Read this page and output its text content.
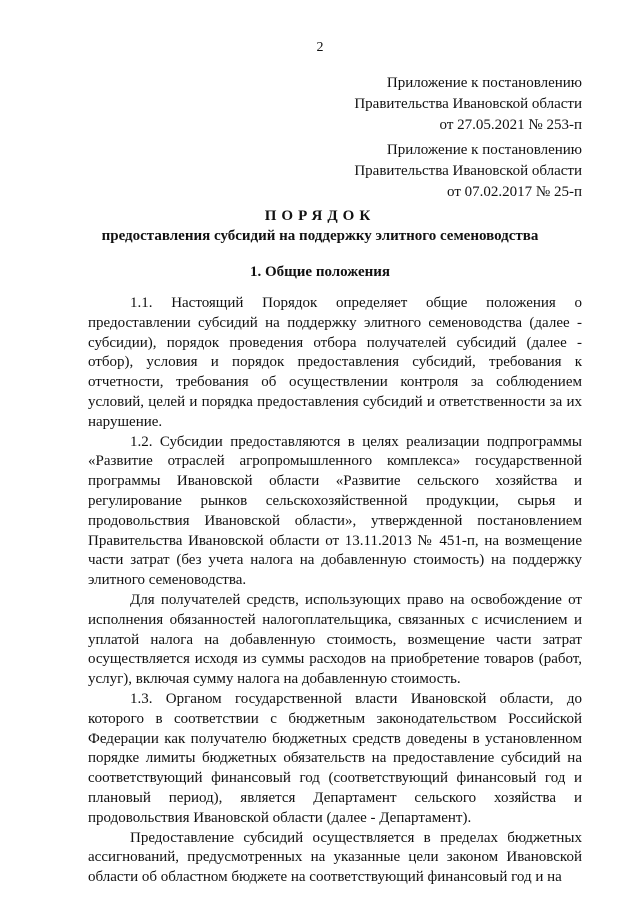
2
Приложение к постановлению
Правительства Ивановской области
от 27.05.2021 № 253-п
Приложение к постановлению
Правительства Ивановской области
от 07.02.2017 № 25-п
ПОРЯДОК
предоставления субсидий на поддержку элитного семеноводства
1. Общие положения

1.1. Настоящий Порядок определяет общие положения о предоставлении субсидий на поддержку элитного семеноводства (далее - субсидии), порядок проведения отбора получателей субсидий (далее - отбор), условия и порядок предоставления субсидий, требования к отчетности, требования об осуществлении контроля за соблюдением условий, целей и порядка предоставления субсидий и ответственности за их нарушение.

1.2. Субсидии предоставляются в целях реализации подпрограммы «Развитие отраслей агропромышленного комплекса» государственной программы Ивановской области «Развитие сельского хозяйства и регулирование рынков сельскохозяйственной продукции, сырья и продовольствия Ивановской области», утвержденной постановлением Правительства Ивановской области от 13.11.2013 № 451-п, на возмещение части затрат (без учета налога на добавленную стоимость) на поддержку элитного семеноводства.

Для получателей средств, использующих право на освобождение от исполнения обязанностей налогоплательщика, связанных с исчислением и уплатой налога на добавленную стоимость, возмещение части затрат осуществляется исходя из суммы расходов на приобретение товаров (работ, услуг), включая сумму налога на добавленную стоимость.

1.3. Органом государственной власти Ивановской области, до которого в соответствии с бюджетным законодательством Российской Федерации как получателю бюджетных средств доведены в установленном порядке лимиты бюджетных обязательств на предоставление субсидий на соответствующий финансовый год (соответствующий финансовый год и плановый период), является Департамент сельского хозяйства и продовольствия Ивановской области (далее - Департамент).

Предоставление субсидий осуществляется в пределах бюджетных ассигнований, предусмотренных на указанные цели законом Ивановской области об областном бюджете на соответствующий финансовый год и на
